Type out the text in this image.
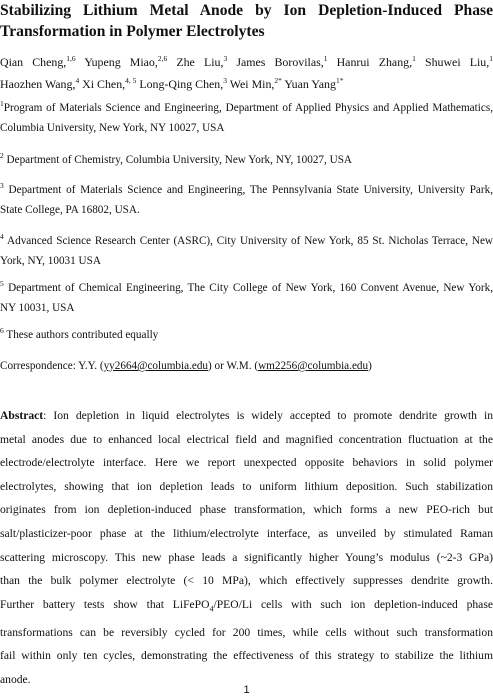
Stabilizing Lithium Metal Anode by Ion Depletion-Induced Phase
Transformation in Polymer Electrolytes
Qian Cheng,$^{1,6}$ Yupeng Miao,$^{2,6}$ Zhe Liu,$^3$ James Borovilas,$^1$ Hanrui Zhang,$^1$ Shuwei Liu,$^1$
Haozhen Wang,$^4$ Xi Chen,$^{4, 5}$ Long-Qing Chen,$^3$ Wei Min,$^{2*}$ Yuan Yang$^{1*}$
$^1$Program of Materials Science and Engineering, Department of Applied Physics and Applied Mathematics,
Columbia University, New York, NY 10027, USA
$^2$ Department of Chemistry, Columbia University, New York, NY, 10027, USA
$^3$ Department of Materials Science and Engineering, The Pennsylvania State University, University Park,
State College, PA 16802, USA.
$^4$ Advanced Science Research Center (ASRC), City University of New York, 85 St. Nicholas Terrace, New
York, NY, 10031 USA
$^5$ Department of Chemical Engineering, The City College of New York, 160 Convent Avenue, New York,
NY 10031, USA
$^6$ These authors contributed equally
Correspondence: Y.Y. (yy2664@columbia.edu) or W.M. (wm2256@columbia.edu)
Abstract: Ion depletion in liquid electrolytes is widely accepted to promote dendrite growth in
metal anodes due to enhanced local electrical field and magnified concentration fluctuation at the
electrode/electrolyte interface. Here we report unexpected opposite behaviors in solid polymer
electrolytes, showing that ion depletion leads to uniform lithium deposition. Such stabilization
originates from ion depletion-induced phase transformation, which forms a new PEO-rich but
salt/plasticizer-poor phase at the lithium/electrolyte interface, as unveiled by stimulated Raman
scattering microscopy. This new phase leads a significantly higher Young’s modulus (~2-3 GPa)
than the bulk polymer electrolyte (< 10 MPa), which effectively suppresses dendrite growth.
Further battery tests show that LiFePO$_4$/PEO/Li cells with such ion depletion-induced phase
transformations can be reversibly cycled for 200 times, while cells without such transformation
fail within only ten cycles, demonstrating the effectiveness of this strategy to stabilize the lithium
anode.
1
